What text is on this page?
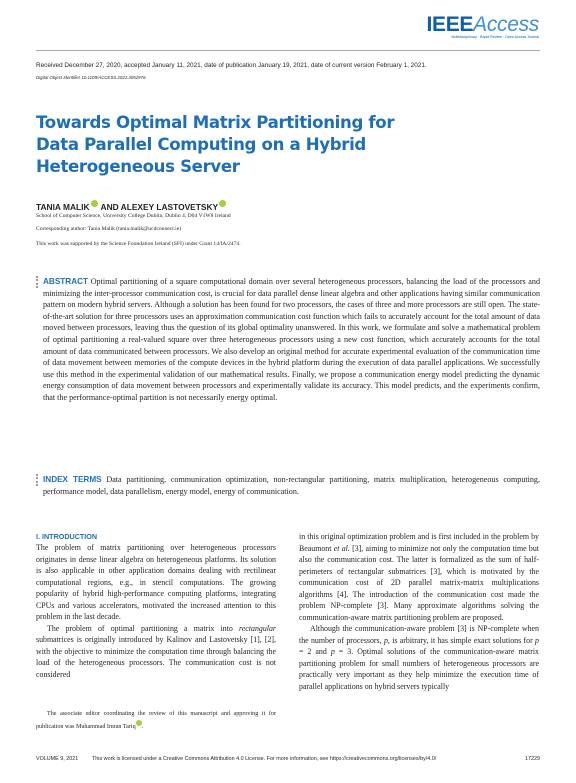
IEEEAccess
Multidisciplinary : Rapid Review : Open Access Journal
Received December 27, 2020, accepted January 11, 2021, date of publication January 19, 2021, date of current version February 1, 2021.
Digital Object Identifier 10.1109/ACCESS.2021.3052976
Towards Optimal Matrix Partitioning for Data Parallel Computing on a Hybrid Heterogeneous Server
TANIA MALIK AND ALEXEY LASTOVETSKY
School of Computer Science, University College Dublin, Dublin 4, D04 V1W8 Ireland
Corresponding author: Tania Malik (tania.malik@ucdconnect.ie)
This work was supported by the Science Foundation Ireland (SFI) under Grant 14/IA/2474.
ABSTRACT Optimal partitioning of a square computational domain over several heterogeneous processors, balancing the load of the processors and minimizing the inter-processor communication cost, is crucial for data parallel dense linear algebra and other applications having similar communication pattern on modern hybrid servers. Although a solution has been found for two processors, the cases of three and more processors are still open. The state-of-the-art solution for three processors uses an approximation communication cost function which fails to accurately account for the total amount of data moved between processors, leaving thus the question of its global optimality unanswered. In this work, we formulate and solve a mathematical problem of optimal partitioning a real-valued square over three heterogeneous processors using a new cost function, which accurately accounts for the total amount of data communicated between processors. We also develop an original method for accurate experimental evaluation of the communication time of data movement between memories of the compute devices in the hybrid platform during the execution of data parallel applications. We successfully use this method in the experimental validation of our mathematical results. Finally, we propose a communication energy model predicting the dynamic energy consumption of data movement between processors and experimentally validate its accuracy. This model predicts, and the experiments confirm, that the performance-optimal partition is not necessarily energy optimal.
INDEX TERMS Data partitioning, communication optimization, non-rectangular partitioning, matrix multiplication, heterogeneous computing, performance model, data parallelism, energy model, energy of communication.
I. INTRODUCTION

The problem of matrix partitioning over heterogeneous processors originates in dense linear algebra on heterogeneous platforms. Its solution is also applicable in other application domains dealing with rectilinear computational regions, e.g., in stencil computations. The growing popularity of hybrid high-performance computing platforms, integrating CPUs and various accelerators, motivated the increased attention to this problem in the last decade.

The problem of optimal partitioning a matrix into rectangular submatrices is originally introduced by Kalinov and Lastovetsky [1], [2], with the objective to minimize the computation time through balancing the load of the heterogeneous processors. The communication cost is not considered

in this original optimization problem and is first included in the problem by Beaumont et al. [3], aiming to minimize not only the computation time but also the communication cost. The latter is formalized as the sum of half-perimeters of rectangular submatrices [3], which is motivated by the communication cost of 2D parallel matrix-matrix multiplications algorithms [4]. The introduction of the communication cost made the problem NP-complete [3]. Many approximate algorithms solving the communication-aware matrix partitioning problem are proposed.

Although the communication-aware problem [3] is NP-complete when the number of processors, p, is arbitrary, it has simple exact solutions for p = 2 and p = 3. Optimal solutions of the communication-aware matrix partitioning problem for small numbers of heterogeneous processors are practically very important as they help minimize the execution time of parallel applications on hybrid servers typically

The associate editor coordinating the review of this manuscript and approving it for publication was Muhammad Imran Tariq .
VOLUME 9, 2021	This work is licensed under a Creative Commons Attribution 4.0 License. For more information, see https://creativecommons.org/licenses/by/4.0/	17229
